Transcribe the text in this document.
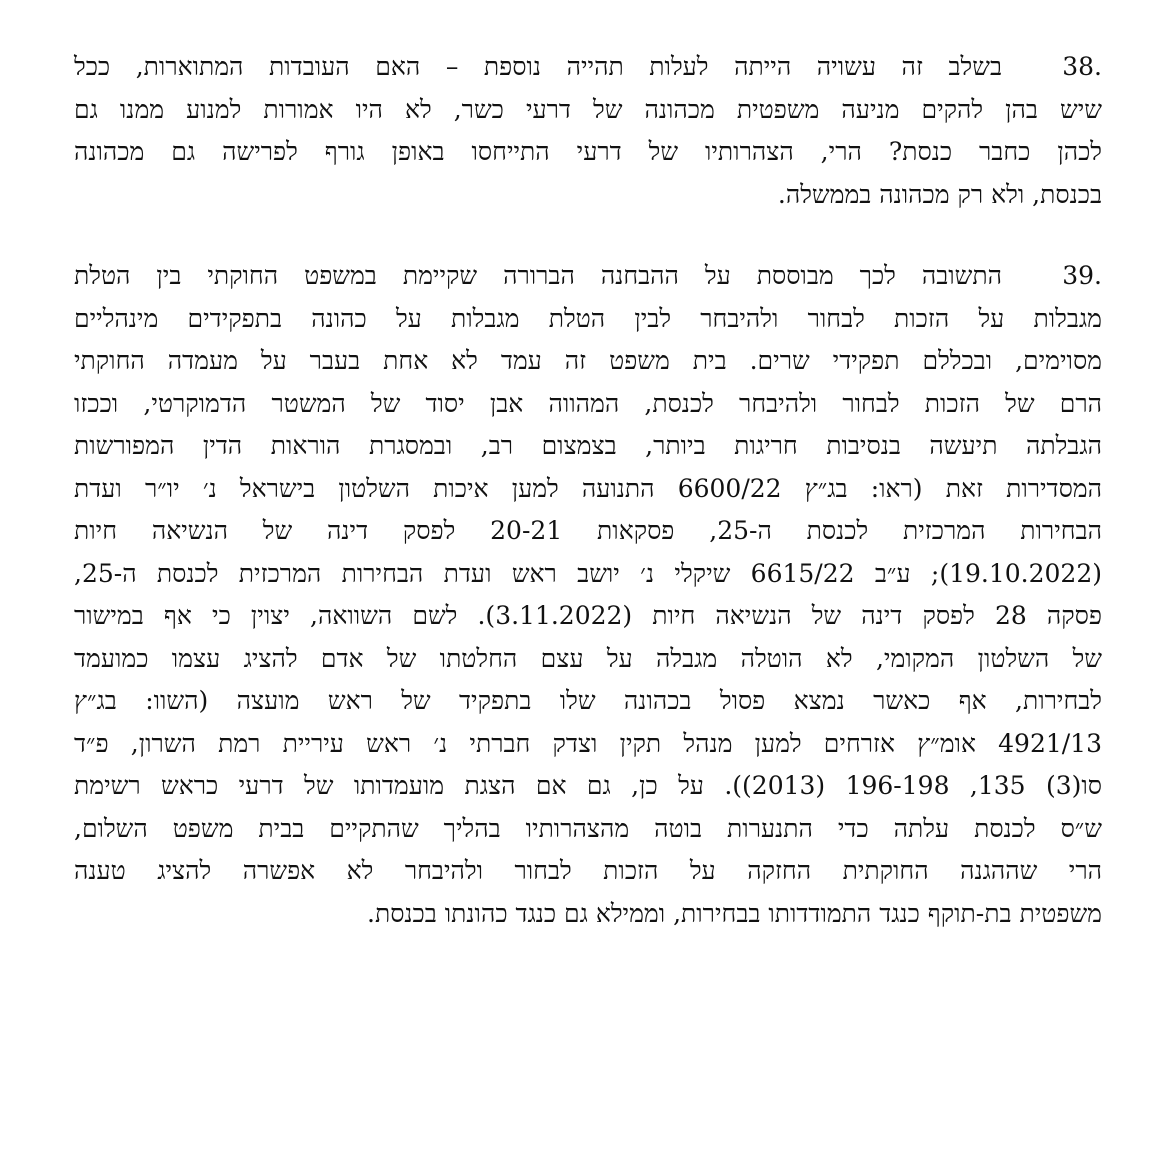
.38בשלב זה עשויה הייתה לעלות תהייה נוספת – האם העובדות המתוארות, ככל
שיש בהן להקים מניעה משפטית מכהונה של דרעי כשר, לא היו אמורות למנוע ממנו גם
לכהן כחבר כנסת? הרי, הצהרותיו של דרעי התייחסו באופן גורף לפרישה גם מכהונה
בכנסת, ולא רק מכהונה בממשלה.
.39התשובה לכך מבוססת על ההבחנה הברורה שקיימת במשפט החוקתי בין הטלת
מגבלות על הזכות לבחור ולהיבחר לבין הטלת מגבלות על כהונה בתפקידים מינהליים
מסוימים, ובכללם תפקידי שרים. בית משפט זה עמד לא אחת בעבר על מעמדה החוקתי
הרם של הזכות לבחור ולהיבחר לכנסת, המהווה אבן יסוד של המשטר הדמוקרטי, וככזו
הגבלתה תיעשה בנסיבות חריגות ביותר, בצמצום רב, ובמסגרת הוראות הדין המפורשות
המסדירות זאת (ראו: בג״ץ 6600/22 התנועה למען איכות השלטון בישראל נ׳ יו״ר ועדת
הבחירות המרכזית לכנסת ה-25, פסקאות 20-21 לפסק דינה של הנשיאה חיות
(19.10.2022); ע״ב 6615/22 שיקלי נ׳ יושב ראש ועדת הבחירות המרכזית לכנסת ה-25,
פסקה 28 לפסק דינה של הנשיאה חיות (3.11.2022). לשם השוואה, יצוין כי אף במישור
של השלטון המקומי, לא הוטלה מגבלה על עצם החלטתו של אדם להציג עצמו כמועמד
לבחירות, אף כאשר נמצא פסול בכהונה שלו בתפקיד של ראש מועצה (השוו: בג״ץ
4921/13 אומ״ץ אזרחים למען מנהל תקין וצדק חברתי נ׳ ראש עיריית רמת השרון, פ״ד
סו(3) 135, 196-198 (2013)). על כן, גם אם הצגת מועמדותו של דרעי כראש רשימת
ש״ס לכנסת עלתה כדי התנערות בוטה מהצהרותיו בהליך שהתקיים בבית משפט השלום,
הרי שההגנה החוקתית החזקה על הזכות לבחור ולהיבחר לא אפשרה להציג טענה
משפטית בת-תוקף כנגד התמודדותו בבחירות, וממילא גם כנגד כהונתו בכנסת.
